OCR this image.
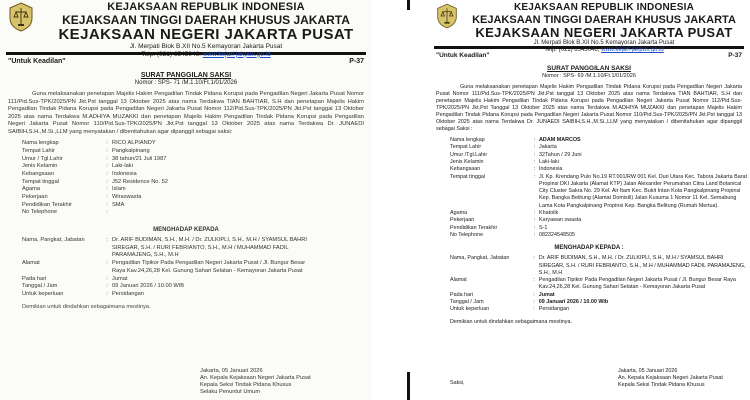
KEJAKSAAN REPUBLIK INDONESIA
KEJAKSAAN TINGGI DAERAH KHUSUS JAKARTA
KEJAKSAAN NEGERI JAKARTA PUSAT
Jl. Merpati Blok B.XII No.5 Kemayoran Jakarta Pusat
Telp. (021) 6545046. www.kejari-jakpus.go.id
"Untuk Keadilan"	P-37
SURAT PANGGILAN SAKSI
Nomor : SPS- 71 /M.1.10/Ft.1/01/2026
Guna melaksanakan penetapan Majelis Hakim Pengadilan Tindak Pidana Korupsi pada Pengadilan Negeri Jakarta Pusat Nomor 111/Pid.Sus-TPK/2025/PN Jkt.Pst tanggal 13 Oktober 2025 atas nama Terdakwa TIAN BAHTIAR, S.H dan penetapan Majelis Hakim Pengadilan Tindak Pidana Korupsi pada Pengadilan Negeri Jakarta Pusat Nomor 112/Pid.Sus-TPK/2025/PN Jkt.Pst tanggal 13 Oktober 2025 atas nama Terdakwa M.ADHIYA MUZAKKI dan penetapan Majelis Hakim Pengadilan Tindak Pidana Korupsi pada Pengadilan Negeri Jakarta Pusat Nomor 110/Pid.Sus-TPK/2025/PN Jkt.Pst tanggal 13 Oktober 2025 atas nama Terdakwa Dr. JUNAEDI SAIBIH,S.H.,M.Si.,LLM yang menyatakan / dibenitahukan agar dipanggil sebagai saksi:
Nama lengkap	:	RICO ALPIANDY
Tempat Lahir	:	Pangkalpinang
Umur / Tgl.Lahir	:	38 tahun/21 Juli 1987
Jenis Kelamin	:	Laki-laki
Kebangsaan	:	Indonesia
Tempat tinggal	:	J52 Residence No. 52
Agama	:	Islam
Pekerjaan	:	Wiraswasta
Pendidikan Terakhir	:	SMA
No Telephone	:	
MENGHADAP KEPADA
Nama, Pangkat, Jabatan	:	Dr. ARIF BUDIMAN, S.H., M.H. / Dr. ZULKIPLI, S.H., M.H / SYAMSUL BAHRI SIREGAR, S.H. / RURI FEBRIANTO, S.H., M.H / MUHAMMAD FADIL PARAMAJENG, S.H., M.H
Alamat	:	Pengadilan Tipikor Pada Pengadilan Negeri Jakarta Pusat / Jl. Bungur Besar Raya Kav.24,26,28 Kel. Gunung Sahari Selatan - Kemayoran Jakarta Pusat
Pada hari	:	Jumat
Tanggal / Jam	:	09 Januari 2026 / 10.00 WIB
Untuk keperluan	:	Persidangan
Demikian untuk dindahkan sebagaimana mestinya.
Jakarta, 05 Januari 2026
An. Kepala Kejaksaan Negeri Jakarta Pusat
Kepala Seksi Tindak Pidana Khusus
Selaku Penuntut Umum
KEJAKSAAN REPUBLIK INDONESIA
KEJAKSAAN TINGGI DAERAH KHUSUS JAKARTA
KEJAKSAAN NEGERI JAKARTA PUSAT
Jl. Merpati Blok B.XII No.5 Kemayoran Jakarta Pusat
Telp. (021) 6545046, www.kejari-jakpus.go.id
"Untuk Keadilan"	P-37
SURAT PANGGILAN SAKSI
Nomor : SPS- 69 /M.1.10/Ft.1/01/2026
Guna melaksanakan penetapan Majelis Hakim Pengadilan Tindak Pidana Korupsi pada Pengadilan Negeri Jakarta Pusat Nomor 111/Pid.Sus-TPK/2025/PN Jkt.Pst tanggal 13 Oktober 2025 atas nama Terdakwa TIAN BAHTIAR, S.H dan penetapan Majelis Hakim Pengadilan Tindak Pidana Korupsi pada Pengadilan Negeri Jakarta Pusat Nomor 112/Pid.Sus-TPK/2025/PN Jkt.Pst Tanggal 13 Oktober 2025 atas nama Terdakwa M.ADHIYA MUZAKKI dan penetapan Majelis Hakim Pengadilan Tindak Pidana Korupsi pada Pengadilan Negeri Jakarta Pusat Nomor 110/Pid.Sus-TPK/2025/PN Jkt.Pst tanggal 13 Oktober 2025 atas nama Terdakwa Dr. JUNAEDI SAIBIH,S.H.,M.Si.,LLM yang menyatakan / dibenitahukan agar dipanggil sebagai Saksi :
Nama lengkap	:	ADAM MARCOS
Tempat Lahir	:	Jakarta
Umur /Tgl.Lahir	:	32Tahun / 29 Juni
Jenis Kelamin	:	Laki-laki
Kebangsaan	:	Indonesia
Tempat tinggal	:	Jl. Kp. Krendang Pulo No.19 RT.001/RW 001 Kel. Duri Utara Kec. Tabora Jakarta Barat Propinsi DKI Jakarta (Alamat KTP) Jalan Alexander Perumahan Citra Land Botanical City Cluster Sakra No. 29 Kel. Air Itam Kec. Bukit Intan Kota Pangkalpinang Propinsi Kep. Bangka Belitung (Alamat Domisili) Jalan Kusuma 1 Nomor 11 Kel. Semabung Lama Kota Pangkalpinang Propinsi Kep. Bangka Belitung (Rumah Mertua).
Agama	:	Khatolik
Pekerjaan	:	Karyawan swasta
Pendidikan Terakhir	:	S-1
No Telephone	:	082324548505
MENGHADAP KEPADA :
Nama, Pangkat, Jabatan	:	Dr. ARIF BUDIMAN, S.H., M.H. / Dr. ZULKIPLI, S.H., M.H / SYAMSUL BAHRI SIREGAR, S.H. / RURI FEBRIANTO, S.H., M.H / MUHAMMAD FADIL PARAMAJENG, S.H., M.H
Alamat	:	Pengadilan Tipikor Pada Pengadilan Negeri Jakarta Pusat / Jl. Bungur Besar Raya Kav.24,26,28 Kel. Gunung Sahari Selatan - Kemayoran Jakarta Pusat
Pada hari	:	Jumat
Tanggal / Jam	:	09 Januari 2026 / 10.00 Wib
Untuk keperluan	:	Persidangan
Demikian untuk dindahkan sebagaimana mestinya.
Saksi,
Jakarta, 05 Januari 2026
An. Kepala Kejaksaan Negeri Jakarta Pusat
Kepala Seksi Tindak Pidana Khusus
